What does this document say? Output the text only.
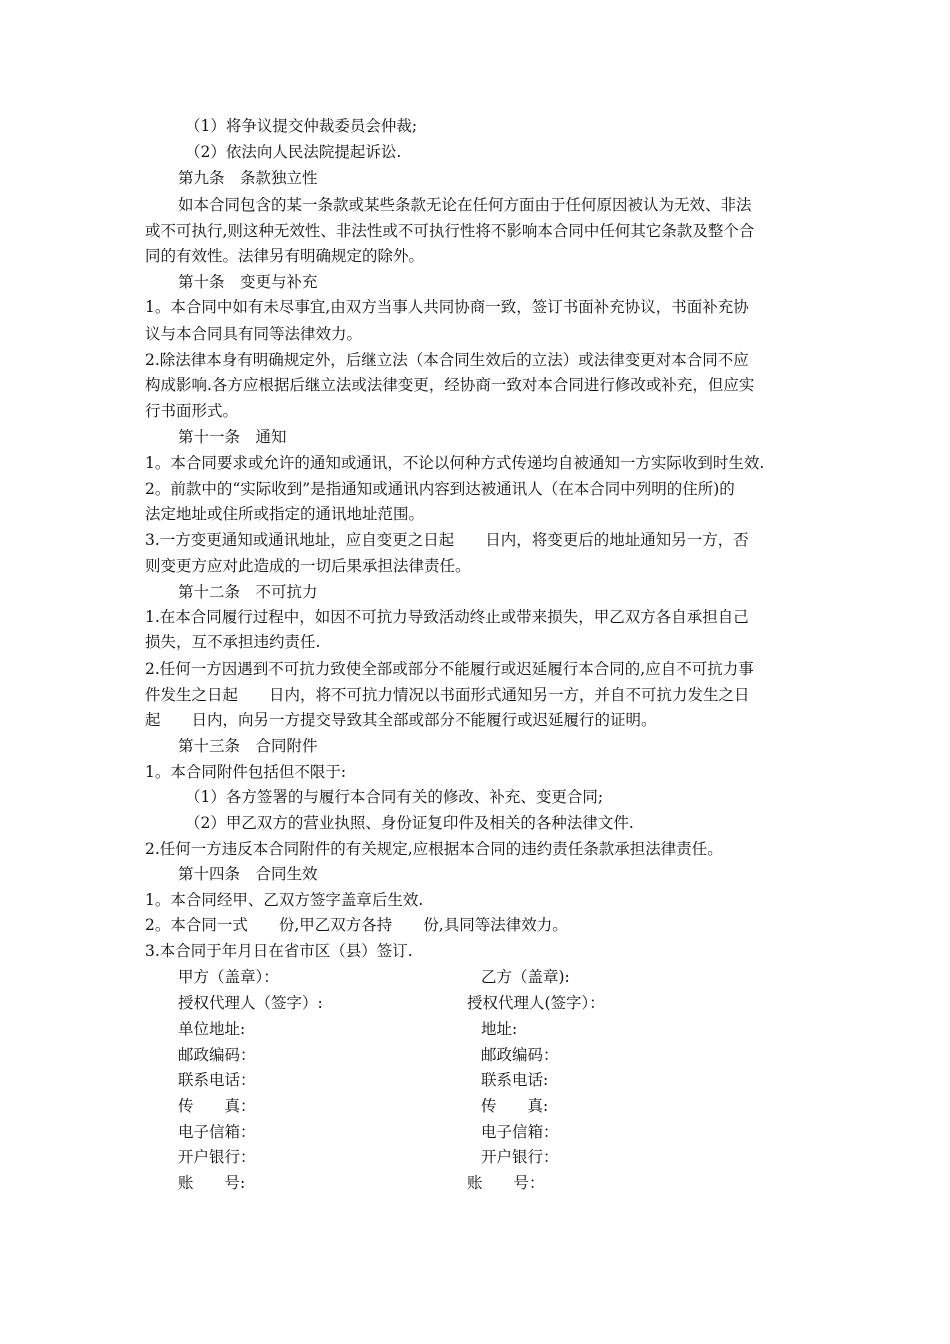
（1）将争议提交仲裁委员会仲裁;
（2）依法向人民法院提起诉讼.
第九条　条款独立性
如本合同包含的某一条款或某些条款无论在任何方面由于任何原因被认为无效、非法
或不可执行,则这种无效性、非法性或不可执行性将不影响本合同中任何其它条款及整个合
同的有效性。法律另有明确规定的除外。
第十条　变更与补充
1。本合同中如有未尽事宜,由双方当事人共同协商一致，签订书面补充协议，书面补充协
议与本合同具有同等法律效力。
2.除法律本身有明确规定外，后继立法（本合同生效后的立法）或法律变更对本合同不应
构成影响.各方应根据后继立法或法律变更，经协商一致对本合同进行修改或补充，但应实
行书面形式。
第十一条　通知
1。本合同要求或允许的通知或通讯，不论以何种方式传递均自被通知一方实际收到时生效.
2。前款中的“实际收到”是指通知或通讯内容到达被通讯人（在本合同中列明的住所)的
法定地址或住所或指定的通讯地址范围。
3.一方变更通知或通讯地址，应自变更之日起　　日内，将变更后的地址通知另一方，否
则变更方应对此造成的一切后果承担法律责任。
第十二条　不可抗力
1.在本合同履行过程中，如因不可抗力导致活动终止或带来损失，甲乙双方各自承担自己
损失，互不承担违约责任.
2.任何一方因遇到不可抗力致使全部或部分不能履行或迟延履行本合同的,应自不可抗力事
件发生之日起　　日内，将不可抗力情况以书面形式通知另一方，并自不可抗力发生之日
起　　日内，向另一方提交导致其全部或部分不能履行或迟延履行的证明。
第十三条　合同附件
1。本合同附件包括但不限于:
（1）各方签署的与履行本合同有关的修改、补充、变更合同;
（2）甲乙双方的营业执照、身份证复印件及相关的各种法律文件.
2.任何一方违反本合同附件的有关规定,应根据本合同的违约责任条款承担法律责任。
第十四条　合同生效
1。本合同经甲、乙双方签字盖章后生效.
2。本合同一式　　份,甲乙双方各持　　份,具同等法律效力。
3.本合同于年月日在省市区（县）签订.
甲方（盖章）：
授权代理人（签字）:
单位地址:
邮政编码：
联系电话：
传　　真：
电子信箱：
开户银行：
账　　号:
乙方（盖章):
授权代理人(签字）：
地址:
邮政编码：
联系电话:
传　　真:
电子信箱：
开户银行：
账　　号：
